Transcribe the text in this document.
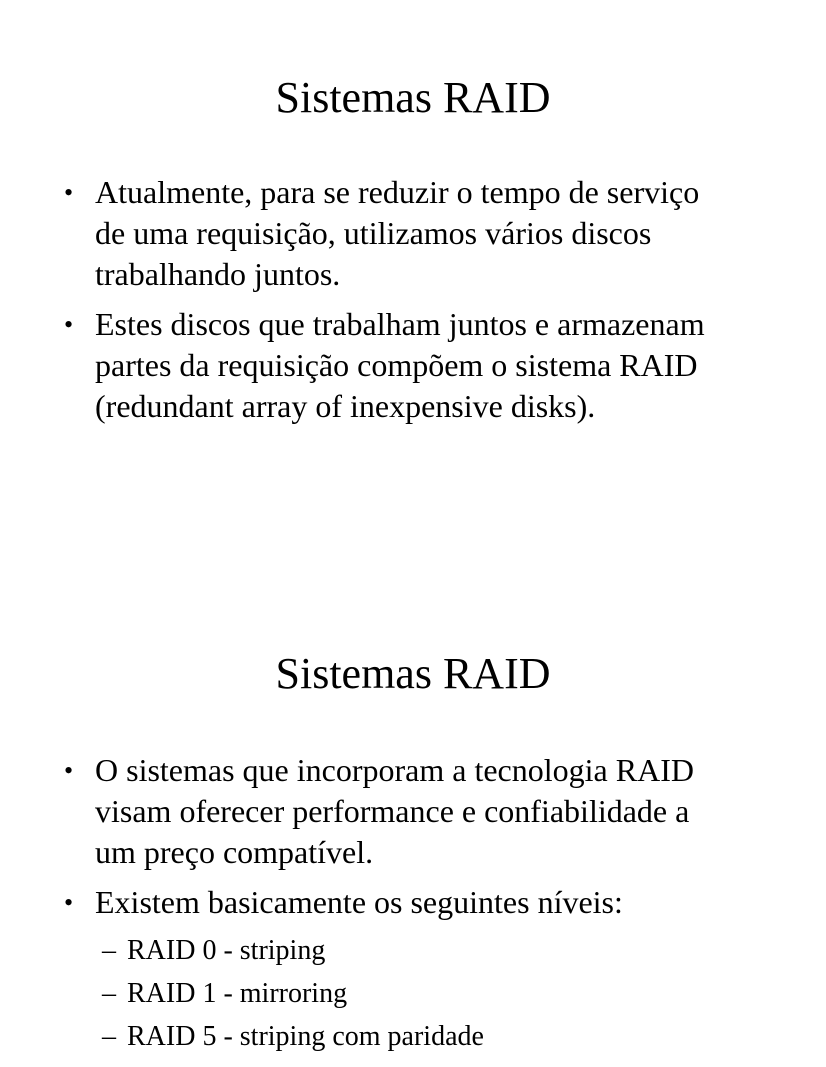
Sistemas RAID
• Atualmente, para se reduzir o tempo de serviço de uma requisição, utilizamos vários discos trabalhando juntos.
• Estes discos que trabalham juntos e armazenam partes da requisição compõem o sistema RAID (redundant array of inexpensive disks).
Sistemas RAID
• O sistemas que incorporam a tecnologia RAID visam oferecer performance e confiabilidade a um preço compatível.
• Existem basicamente os seguintes níveis:
– RAID 0 - striping
– RAID 1 - mirroring
– RAID 5 - striping com paridade
